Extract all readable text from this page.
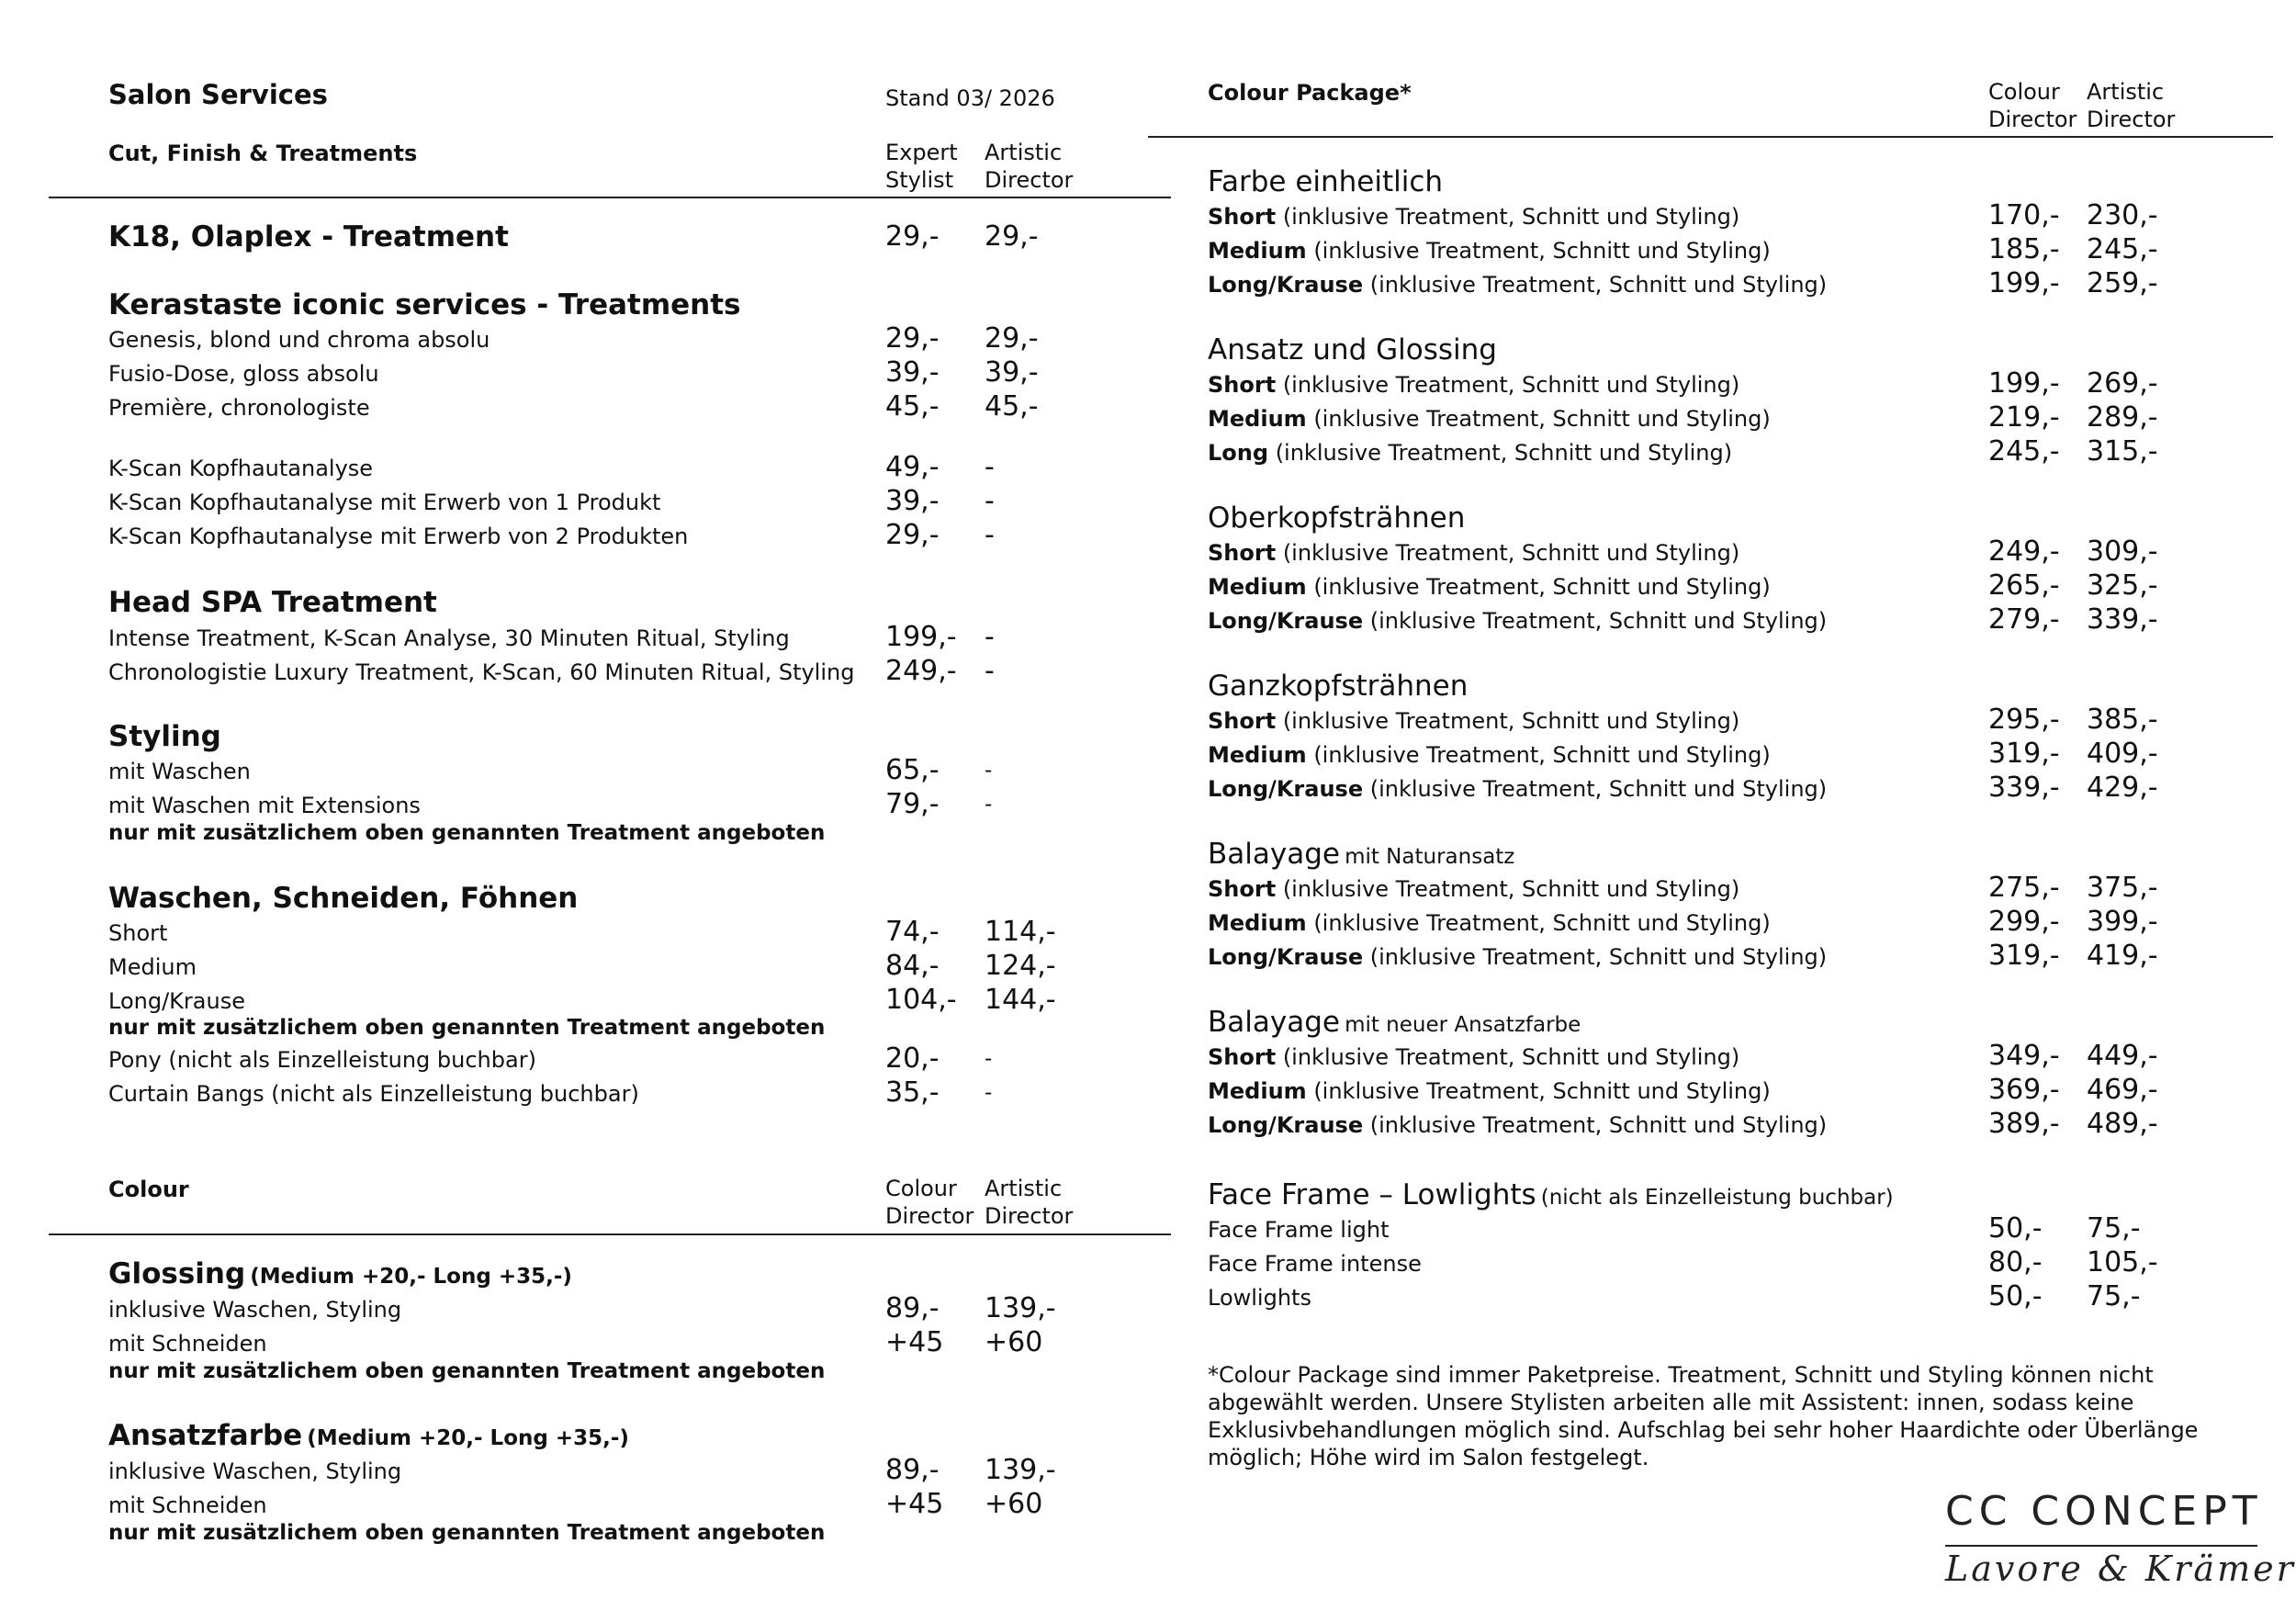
Salon Services	Stand 03/ 2026
Cut, Finish & Treatments	Expert
Stylist
Artistic
Director
K18, Olaplex - Treatment	29,- 29,-
Kerastaste iconic services - Treatments
Genesis, blond und chroma absolu	29,- 29,-
Fusio-Dose, gloss absolu	39,- 39,-
Première, chronologiste	45,- 45,-
K-Scan Kopfhautanalyse	49,- -
K-Scan Kopfhautanalyse mit Erwerb von 1 Produkt	39,- -
K-Scan Kopfhautanalyse mit Erwerb von 2 Produkten	29,- -
Head SPA Treatment
Intense Treatment, K-Scan Analyse, 30 Minuten Ritual, Styling	199,- -
Chronologistie Luxury Treatment, K-Scan, 60 Minuten Ritual, Styling 249,- -
Styling
mit Waschen	65,- -
mit Waschen mit Extensions	79,- -
nur mit zusätzlichem oben genannten Treatment angeboten
Waschen, Schneiden, Föhnen
Short	74,- 114,-
Medium	84,- 124,-
Long/Krause	104,- 144,-
nur mit zusätzlichem oben genannten Treatment angeboten
Pony (nicht als Einzelleistung buchbar)	20,- -
Curtain Bangs (nicht als Einzelleistung buchbar)	35,- -
Colour	Colour
Director
Artistic
Director
Glossing (Medium +20,- Long +35,-)
inklusive Waschen, Styling	89,- 139,-
mit Schneiden	+45 +60
nur mit zusätzlichem oben genannten Treatment angeboten
Ansatzfarbe (Medium +20,- Long +35,-)
inklusive Waschen, Styling	89,- 139,-
mit Schneiden	+45 +60
nur mit zusätzlichem oben genannten Treatment angeboten
Colour Package*	Colour
Director
Artistic
Director
Farbe einheitlich
Short (inklusive Treatment, Schnitt und Styling)	170,- 230,-
Medium (inklusive Treatment, Schnitt und Styling)	185,- 245,-
Long/Krause (inklusive Treatment, Schnitt und Styling)	199,- 259,-
Ansatz und Glossing
Short (inklusive Treatment, Schnitt und Styling)	199,- 269,-
Medium (inklusive Treatment, Schnitt und Styling)	219,- 289,-
Long (inklusive Treatment, Schnitt und Styling)	245,- 315,-
Oberkopfsträhnen
Short (inklusive Treatment, Schnitt und Styling)	249,- 309,-
Medium (inklusive Treatment, Schnitt und Styling)	265,- 325,-
Long/Krause (inklusive Treatment, Schnitt und Styling)	279,- 339,-
Ganzkopfsträhnen
Short (inklusive Treatment, Schnitt und Styling)	295,- 385,-
Medium (inklusive Treatment, Schnitt und Styling)	319,- 409,-
Long/Krause (inklusive Treatment, Schnitt und Styling)	339,- 429,-
Balayage mit Naturansatz
Short (inklusive Treatment, Schnitt und Styling)	275,- 375,-
Medium (inklusive Treatment, Schnitt und Styling)	299,- 399,-
Long/Krause (inklusive Treatment, Schnitt und Styling)	319,- 419,-
Balayage mit neuer Ansatzfarbe
Short (inklusive Treatment, Schnitt und Styling)	349,- 449,-
Medium (inklusive Treatment, Schnitt und Styling)	369,- 469,-
Long/Krause (inklusive Treatment, Schnitt und Styling)	389,- 489,-
Face Frame – Lowlights (nicht als Einzelleistung buchbar)
Face Frame light	50,- 75,-
Face Frame intense	80,- 105,-
Lowlights	50,- 75,-
*Colour Package sind immer Paketpreise. Treatment, Schnitt und Styling können nicht abgewählt werden. Unsere Stylisten arbeiten alle mit Assistent: innen, sodass keine Exklusivbehandlungen möglich sind. Aufschlag bei sehr hoher Haardichte oder Überlänge möglich; Höhe wird im Salon festgelegt.
CC CONCEPT
Lavore & Krämer
